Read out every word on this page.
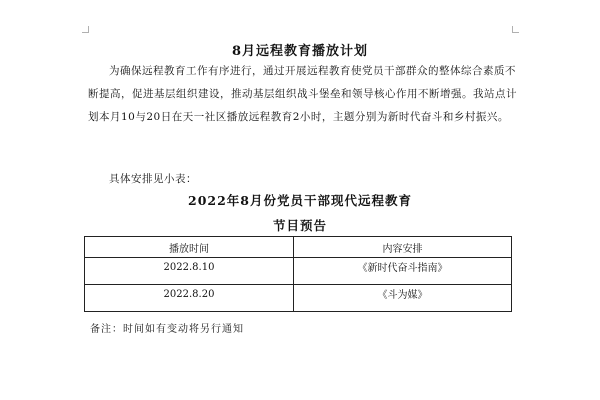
8月远程教育播放计划

为确保远程教育工作有序进行，通过开展远程教育使党员干部群众的整体综合素质不断提高，促进基层组织建设，推动基层组织战斗堡垒和领导核心作用不断增强。我站点计划本月10与20日在天一社区播放远程教育2小时，主题分别为新时代奋斗和乡村振兴。

具体安排见小表：

2022年8月份党员干部现代远程教育
节目预告
播放时间	内容安排
2022.8.10	《新时代奋斗指南》
2022.8.20	《斗为媒》
备注：时间如有变动将另行通知
